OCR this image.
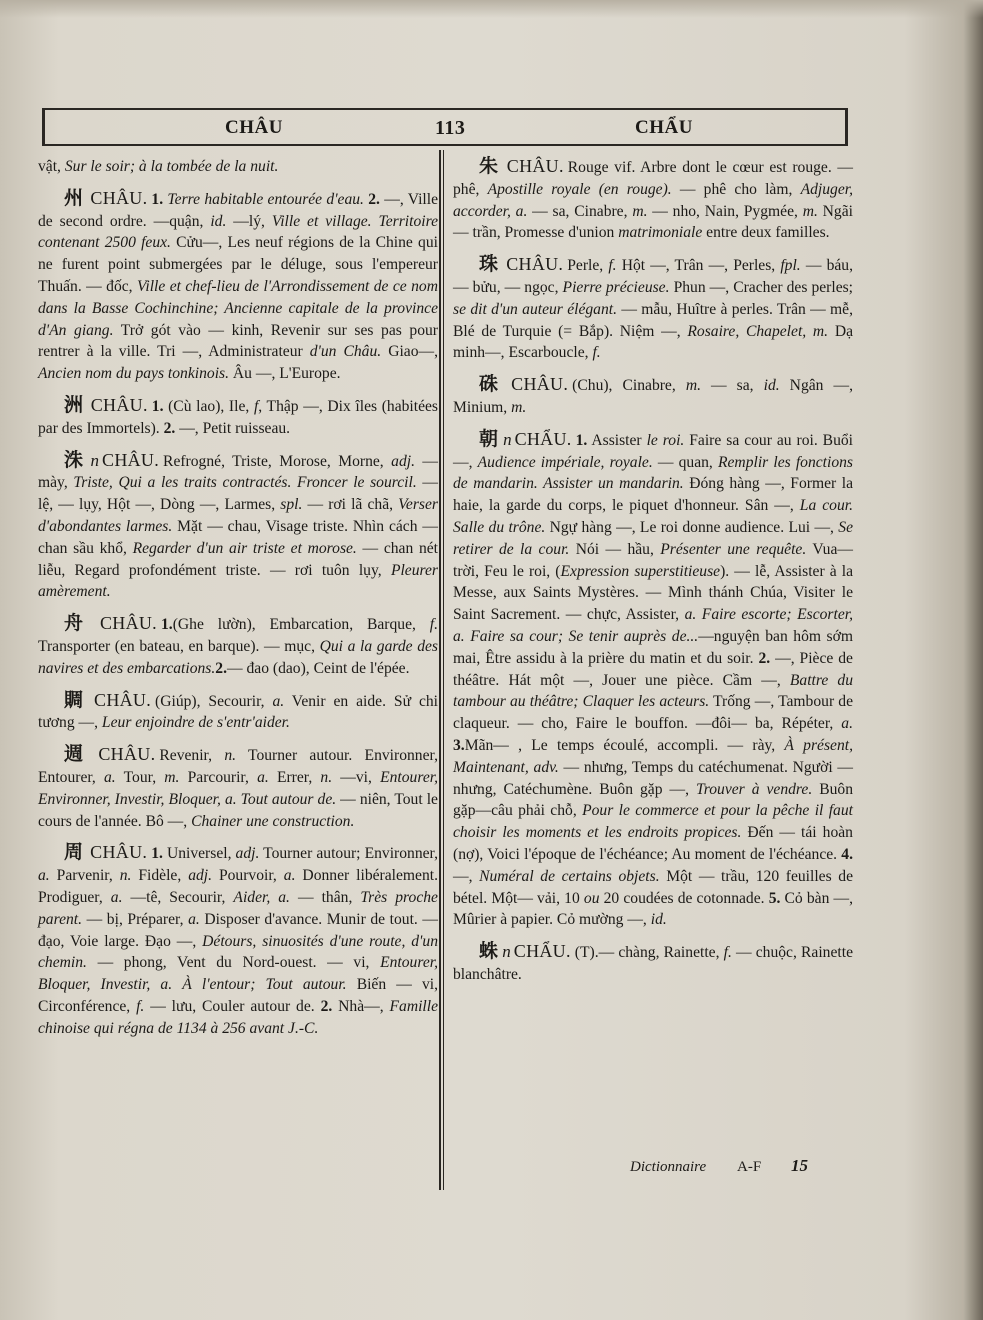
CHÂU	113	CHẨU

vật, Sur le soir; à la tombée de la nuit.

州 CHÂU. 1. Terre habitable entourée d'eau. 2. —, Ville de second ordre. —quận, id. —lý, Ville et village. Territoire contenant 2500 feux. Cửu—, Les neuf régions de la Chine qui ne furent point submergées par le déluge, sous l'empereur Thuấn. — đốc, Ville et chef-lieu de l'Arrondissement de ce nom dans la Basse Cochinchine; Ancienne capitale de la province d'An giang. Trở gót vào — kinh, Revenir sur ses pas pour rentrer à la ville. Tri —, Administrateur d'un Châu. Giao—, Ancien nom du pays tonkinois. Âu —, L'Europe.

洲 CHÂU. 1. (Cù lao), Ile, f, Thập —, Dix îles (habitées par des Immortels). 2. —, Petit ruisseau.

洙 n CHÂU. Refrogné, Triste, Morose, Morne, adj. — mày, Triste, Qui a les traits contractés. Froncer le sourcil. — lệ, — lụy, Hột —, Dòng —, Larmes, spl. — rơi lã chã, Verser d'abondantes larmes. Mặt — chau, Visage triste. Nhìn cách — chan sầu khổ, Regarder d'un air triste et morose. — chan nét liễu, Regard profondément triste. — rơi tuôn lụy, Pleurer amèrement.

舟 CHÂU. 1.(Ghe lườn), Embarcation, Barque, f. Transporter (en bateau, en barque). — mục, Qui a la garde des navires et des embarcations.2.— đao (dao), Ceint de l'épée.

賙 CHÂU. (Giúp), Secourir, a. Venir en aide. Sử chi tương —, Leur enjoindre de s'entr'aider.

週 CHÂU. Revenir, n. Tourner autour. Environner, Entourer, a. Tour, m. Parcourir, a. Errer, n. —vi, Entourer, Environner, Investir, Bloquer, a. Tout autour de. — niên, Tout le cours de l'année. Bô —, Chainer une construction.

周 CHÂU. 1. Universel, adj. Tourner autour; Environner, a. Parvenir, n. Fidèle, adj. Pourvoir, a. Donner libéralement. Prodiguer, a. —tê, Secourir, Aider, a. — thân, Très proche parent. — bị, Préparer, a. Disposer d'avance. Munir de tout. — đạo, Voie large. Đạo —, Détours, sinuosités d'une route, d'un chemin. — phong, Vent du Nord-ouest. — vi, Entourer, Bloquer, Investir, a. À l'entour; Tout autour. Biến — vi, Circonférence, f. — lưu, Couler autour de. 2. Nhà—, Famille chinoise qui régna de 1134 à 256 avant J.-C.

朱 CHÂU. Rouge vif. Arbre dont le cœur est rouge. — phê, Apostille royale (en rouge). — phê cho làm, Adjuger, accorder, a. — sa, Cinabre, m. — nho, Nain, Pygmée, m. Ngãi — trần, Promesse d'union matrimoniale entre deux familles.

珠 CHÂU. Perle, f. Hột —, Trân —, Perles, fpl. — báu, — bửu, — ngọc, Pierre précieuse. Phun —, Cracher des perles; se dit d'un auteur élégant. — mẫu, Huître à perles. Trân — mễ, Blé de Turquie (= Bắp). Niệm —, Rosaire, Chapelet, m. Dạ minh—, Escarboucle, f.

硃 CHÂU. (Chu), Cinabre, m. — sa, id. Ngân —, Minium, m.

朝 n CHẨU. 1. Assister le roi. Faire sa cour au roi. Buổi —, Audience impériale, royale. — quan, Remplir les fonctions de mandarin. Assister un mandarin. Đóng hàng —, Former la haie, la garde du corps, le piquet d'honneur. Sân —, La cour. Salle du trône. Ngự hàng —, Le roi donne audience. Lui —, Se retirer de la cour. Nói — hầu, Présenter une requête. Vua—trời, Feu le roi, (Expression superstitieuse). — lễ, Assister à la Messe, aux Saints Mystères. — Mình thánh Chúa, Visiter le Saint Sacrement. — chực, Assister, a. Faire escorte; Escorter, a. Faire sa cour; Se tenir auprès de...—nguyện ban hôm sớm mai, Être assidu à la prière du matin et du soir. 2. —, Pièce de théâtre. Hát một —, Jouer une pièce. Cầm —, Battre du tambour au théâtre; Claquer les acteurs. Trống —, Tambour de claqueur. — cho, Faire le bouffon. —đôi— ba, Répéter, a. 3.Mãn— , Le temps écoulé, accompli. — rày, À présent, Maintenant, adv. — nhưng, Temps du catéchumenat. Người — nhưng, Catéchumène. Buôn gặp —, Trouver à vendre. Buôn gặp—câu phải chỗ, Pour le commerce et pour la pêche il faut choisir les moments et les endroits propices. Đến — tái hoàn (nợ), Voici l'époque de l'échéance; Au moment de l'échéance. 4. —, Numéral de certains objets. Một — trầu, 120 feuilles de bétel. Một— vải, 10 ou 20 coudées de cotonnade. 5. Cỏ bàn —, Mûrier à papier. Cỏ mường —, id.

蛛 n CHẨU. (T).— chàng, Rainette, f. — chuộc, Rainette blanchâtre.

Dictionnaire A-F 15
